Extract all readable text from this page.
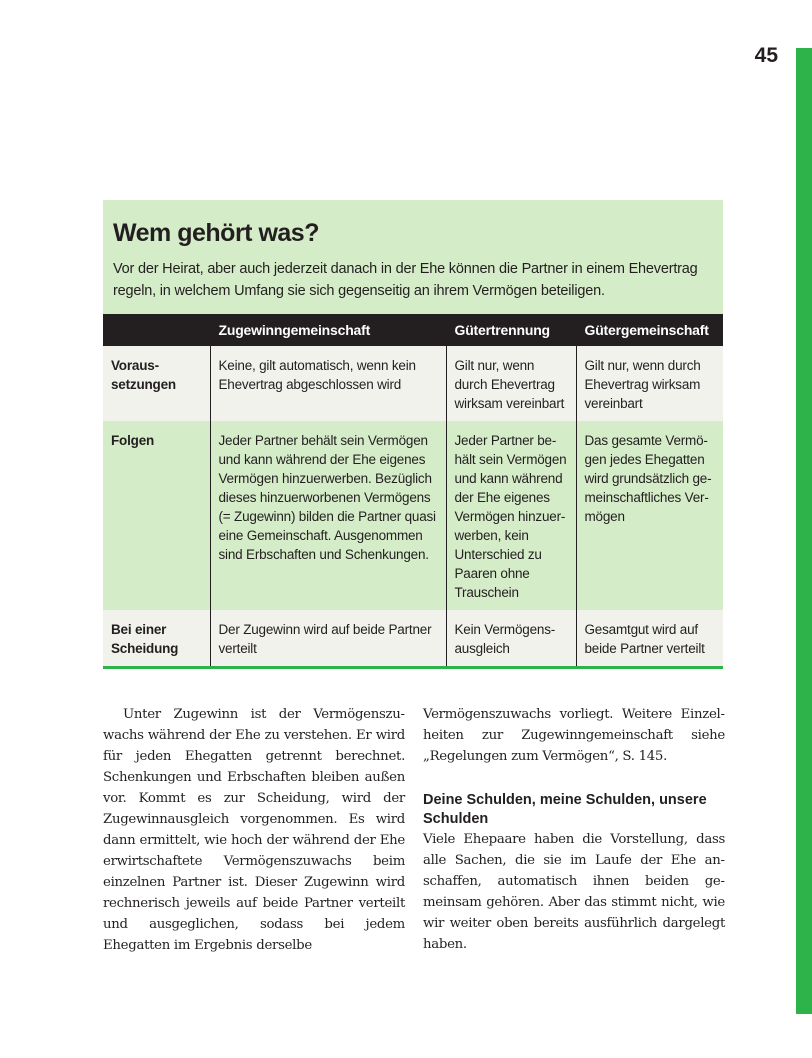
45
Wem gehört was?

Vor der Heirat, aber auch jederzeit danach in der Ehe können die Partner in einem Ehevertrag regeln, in welchem Umfang sie sich gegenseitig an ihrem Vermögen beteiligen.

	Zugewinngemeinschaft	Gütertrennung	Gütergemeinschaft
Voraussetzungen	Keine, gilt automatisch, wenn kein Ehevertrag abgeschlossen wird	Gilt nur, wenn durch Ehevertrag wirksam vereinbart	Gilt nur, wenn durch Ehevertrag wirksam vereinbart
Folgen	Jeder Partner behält sein Vermögen und kann während der Ehe eigenes Vermögen hinzuerwerben. Bezüglich dieses hinzuerworbenen Vermögens (= Zugewinn) bilden die Partner quasi eine Gemeinschaft. Ausgenommen sind Erbschaften und Schenkungen.	Jeder Partner behält sein Vermögen und kann während der Ehe eigenes Vermögen hinzuerwerben, kein Unterschied zu Paaren ohne Trauschein	Das gesamte Vermögen jedes Ehegatten wird grundsätzlich gemeinschaftliches Vermögen
Bei einer Scheidung	Der Zugewinn wird auf beide Partner verteilt	Kein Vermögensausgleich	Gesamtgut wird auf beide Partner verteilt

Unter Zugewinn ist der Vermögenszuwachs während der Ehe zu verstehen. Er wird für jeden Ehegatten getrennt berechnet. Schenkungen und Erbschaften bleiben außen vor. Kommt es zur Scheidung, wird der Zugewinnausgleich vorgenommen. Es wird dann ermittelt, wie hoch der während der Ehe erwirtschaftete Vermögenszuwachs beim einzelnen Partner ist. Dieser Zugewinn wird rechnerisch jeweils auf beide Partner verteilt und ausgeglichen, sodass bei jedem Ehegatten im Ergebnis derselbe

Vermögenszuwachs vorliegt. Weitere Einzelheiten zur Zugewinngemeinschaft siehe „Regelungen zum Vermögen“, S. 145.

Deine Schulden, meine Schulden, unsere Schulden

Viele Ehepaare haben die Vorstellung, dass alle Sachen, die sie im Laufe der Ehe anschaffen, automatisch ihnen beiden gemeinsam gehören. Aber das stimmt nicht, wie wir weiter oben bereits ausführlich dargelegt haben.
